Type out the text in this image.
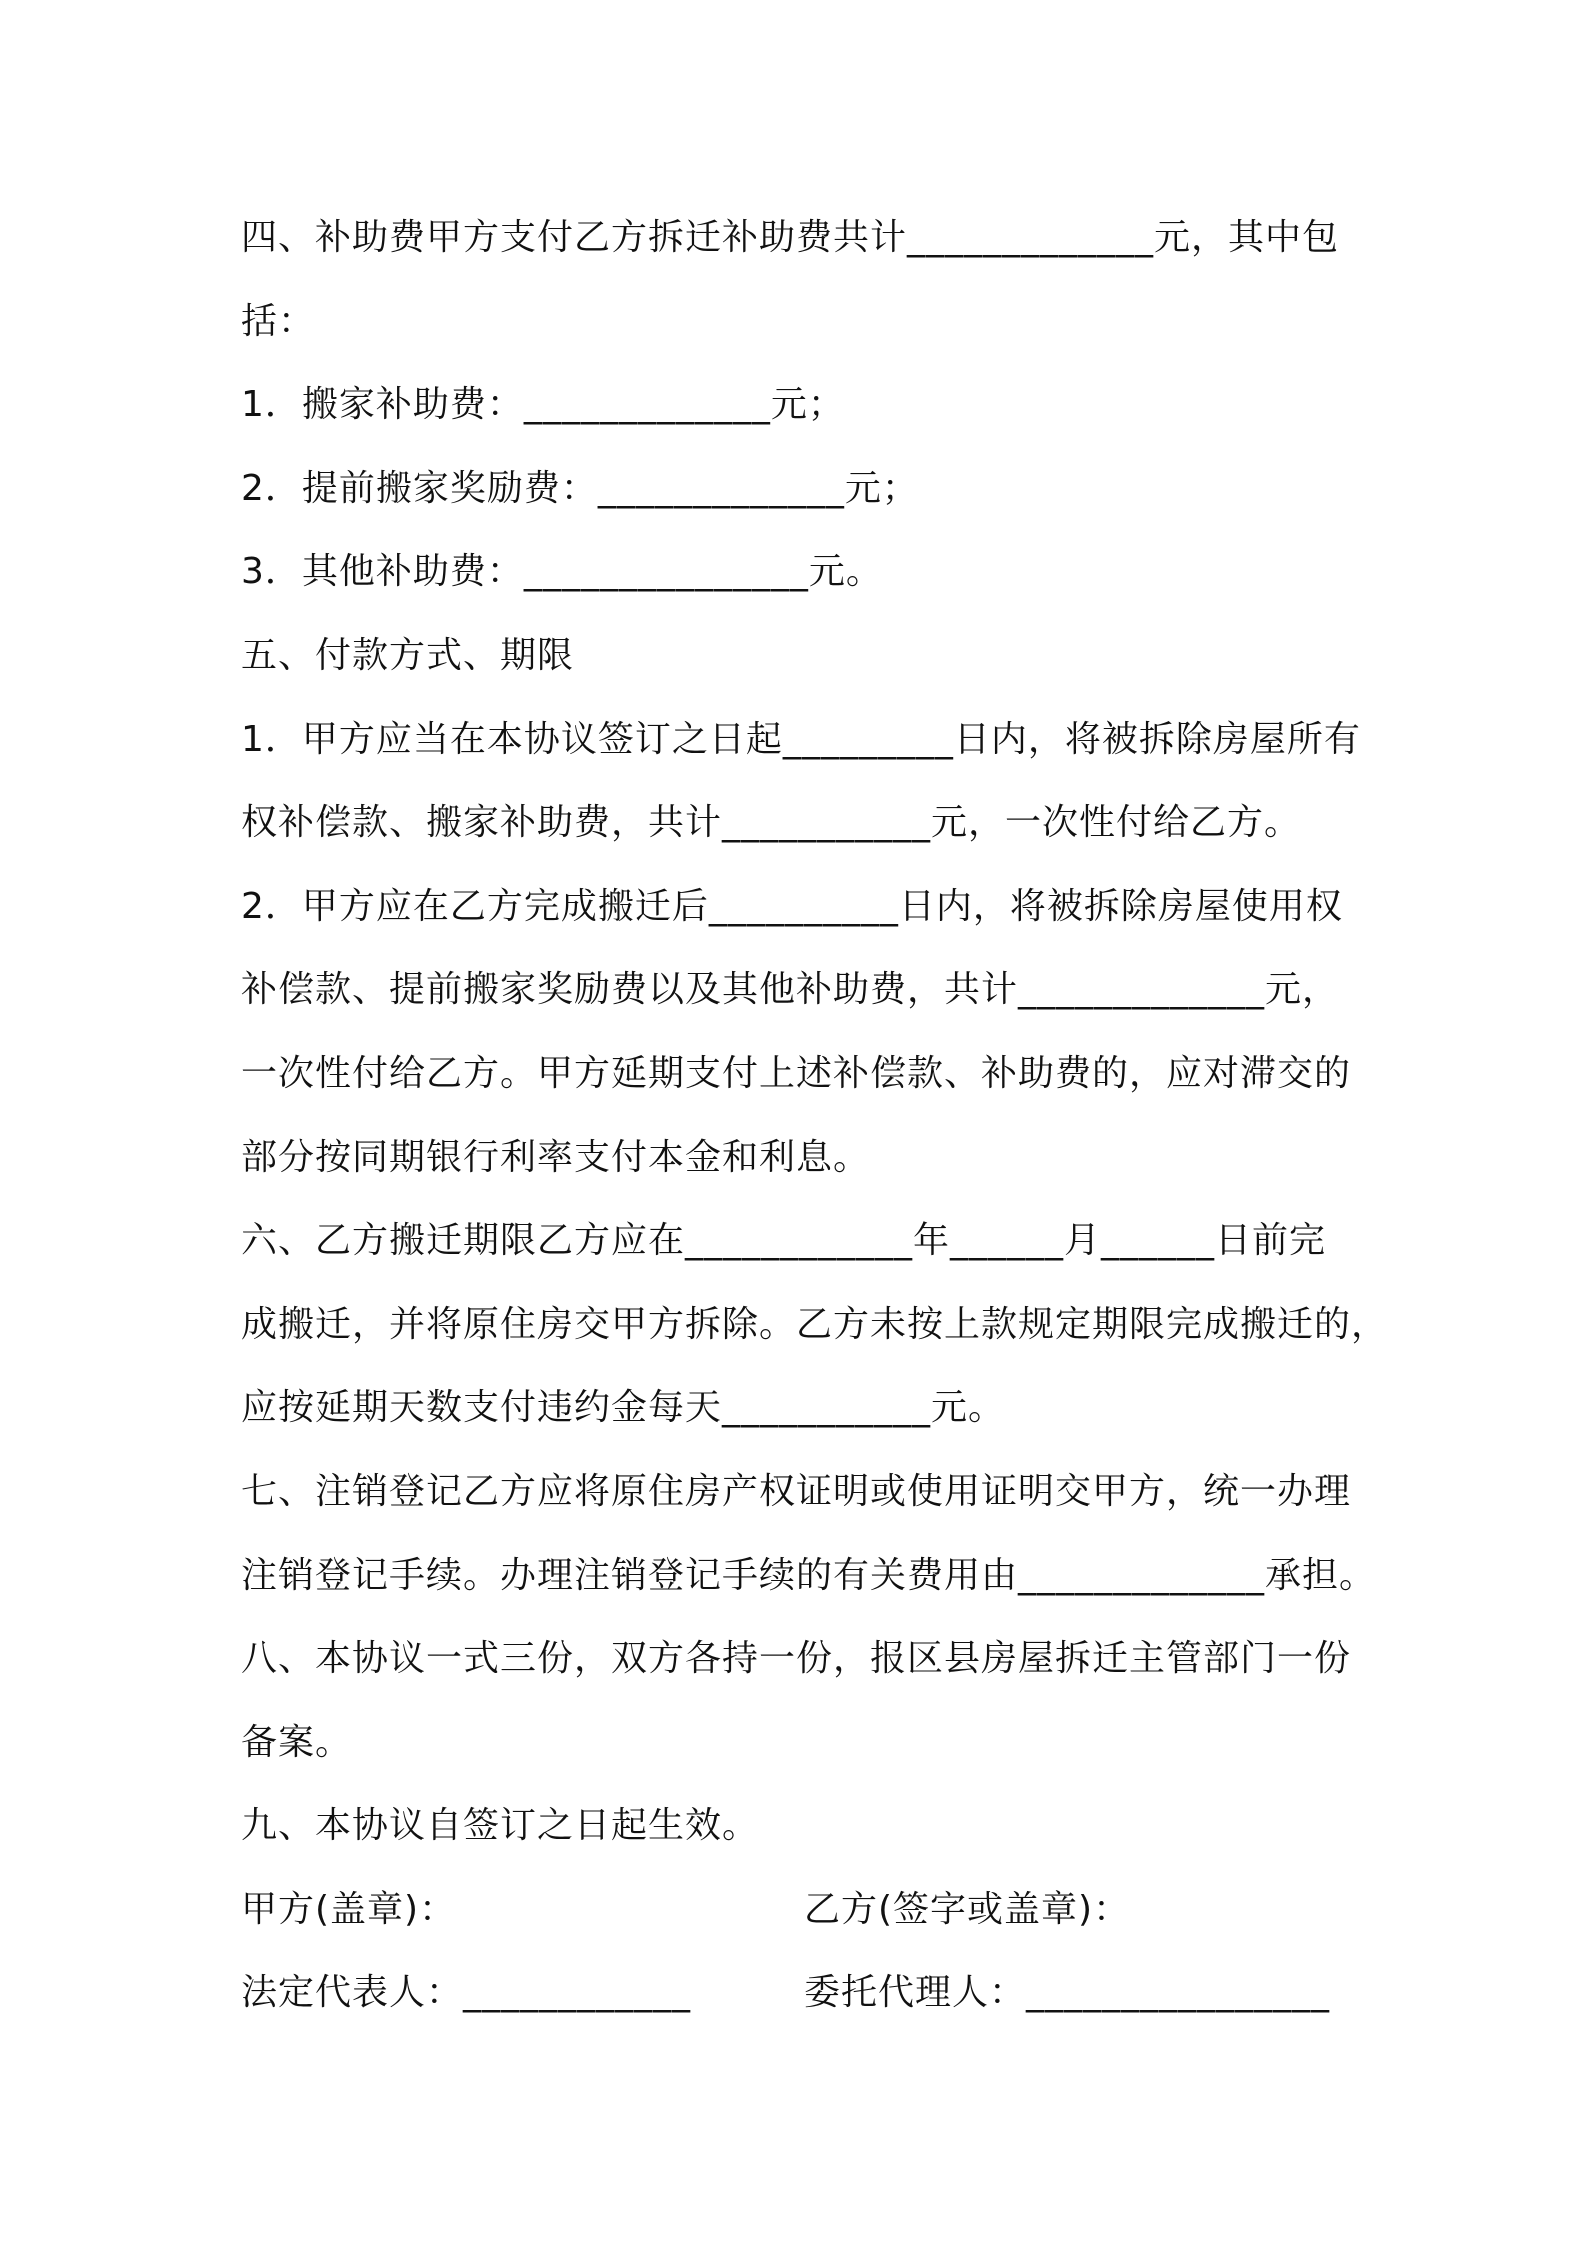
四、补助费甲方支付乙方拆迁补助费共计_____________元，其中包
括：
1．搬家补助费：_____________元；
2．提前搬家奖励费：_____________元；
3．其他补助费：_______________元。
五、付款方式、期限
1．甲方应当在本协议签订之日起_________日内，将被拆除房屋所有
权补偿款、搬家补助费，共计___________元，一次性付给乙方。
2．甲方应在乙方完成搬迁后__________日内，将被拆除房屋使用权
补偿款、提前搬家奖励费以及其他补助费，共计_____________元，
一次性付给乙方。甲方延期支付上述补偿款、补助费的，应对滞交的
部分按同期银行利率支付本金和利息。
六、乙方搬迁期限乙方应在____________年______月______日前完
成搬迁，并将原住房交甲方拆除。乙方未按上款规定期限完成搬迁的，
应按延期天数支付违约金每天___________元。
七、注销登记乙方应将原住房产权证明或使用证明交甲方，统一办理
注销登记手续。办理注销登记手续的有关费用由_____________承担。
八、本协议一式三份，双方各持一份，报区县房屋拆迁主管部门一份
备案。
九、本协议自签订之日起生效。
甲方(盖章)：	乙方(签字或盖章)：
法定代表人：____________	委托代理人：________________
